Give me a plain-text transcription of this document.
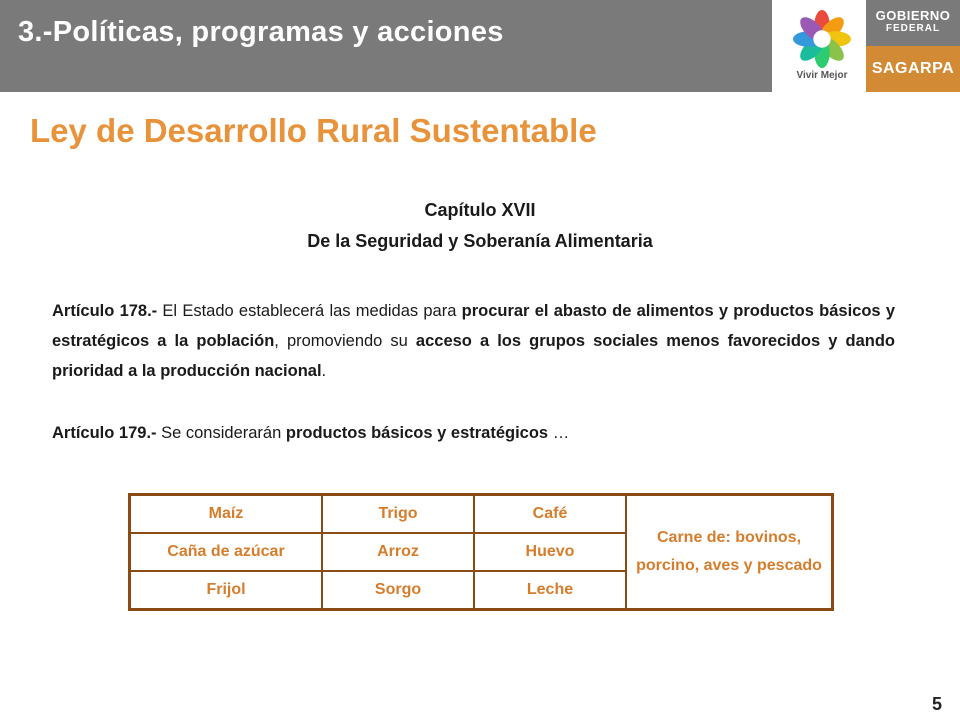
3.-Políticas, programas y acciones
Vivir Mejor
GOBIERNO
FEDERAL
SAGARPA
Ley de Desarrollo Rural Sustentable
Capítulo XVII
De la Seguridad y Soberanía Alimentaria
Artículo 178.- El Estado establecerá las medidas para procurar el abasto de alimentos y productos básicos y estratégicos a la población, promoviendo su acceso a los grupos sociales menos favorecidos y dando prioridad a la producción nacional.
Artículo 179.- Se considerarán productos básicos y estratégicos …
Maíz	Trigo	Café	Carne de: bovinos, porcino, aves y pescado
Caña de azúcar	Arroz	Huevo	
Frijol	Sorgo	Leche	
5
